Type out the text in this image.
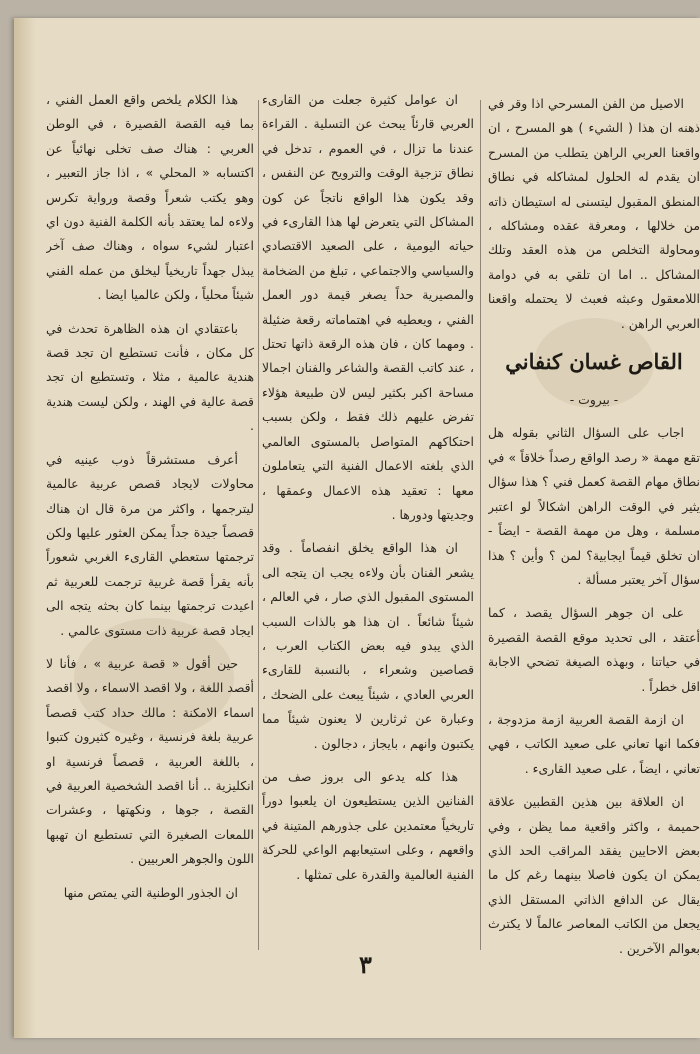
الاصيل من الفن المسرحي اذا وقر في ذهنه ان هذا ( الشيء ) هو المسرح ، ان واقعنا العربي الراهن يتطلب من المسرح ان يقدم له الحلول لمشاكله في نطاق المنطق المقبول ليتسنى له استيطان ذاته من خلالها ، ومعرفة عقده ومشاكله ، ومحاولة التخلص من هذه العقد وتلك المشاكل .. اما ان تلقي به في دوامة اللامعقول وعبثه فعبث لا يحتمله واقعنا العربي الراهن .

القاص غسان كنفاني

- بيروت -

اجاب على السؤال الثاني بقوله هل تقع مهمة « رصد الواقع رصداً خلاقاً » في نطاق مهام القصة كعمل فني ؟ هذا سؤال يثير في الوقت الراهن اشكالاً لو اعتبر مسلمة ، وهل من مهمة القصة - ايضاً - ان تخلق قيماً ايجابية؟ لمن ؟ وأين ؟ هذا سؤال آخر يعتبر مسألة .

على ان جوهر السؤال يقصد ، كما أعتقد ، الى تحديد موقع القصة القصيرة في حياتنا ، وبهذه الصيغة تضحي الاجابة اقل خطراً .

ان ازمة القصة العربية ازمة مزدوجة ، فكما انها تعاني على صعيد الكاتب ، فهي تعاني ، ايضاً ، على صعيد القارىء .

ان العلاقة بين هذين القطبين علاقة حميمة ، واكثر واقعية مما يظن ، وفي بعض الاحايين يفقد المراقب الحد الذي يمكن ان يكون فاصلا بينهما رغم كل ما يقال عن الدافع الذاتي المستقل الذي يجعل من الكاتب المعاصر عالماً لا يكترث بعوالم الآخرين .

ان عوامل كثيرة جعلت من القارىء العربي قارئاً يبحث عن التسلية . القراءة عندنا ما تزال ، في العموم ، تدخل في نطاق تزجية الوقت والترويح عن النفس ، وقد يكون هذا الواقع ناتجاً عن كون المشاكل التي يتعرض لها هذا القارىء في حياته اليومية ، على الصعيد الاقتصادي والسياسي والاجتماعي ، تبلغ من الضخامة والمصيرية حداً يصغر قيمة دور العمل الفني ، ويعطيه في اهتماماته رقعة ضئيلة . ومهما كان ، فان هذه الرقعة ذاتها تحتل ، عند كاتب القصة والشاعر والفنان اجمالا مساحة اكبر بكثير ليس لان طبيعة هؤلاء تفرض عليهم ذلك فقط ، ولكن بسبب احتكاكهم المتواصل بالمستوى العالمي الذي بلغته الاعمال الفنية التي يتعاملون معها : تعقيد هذه الاعمال وعمقها ، وجديتها ودورها .

ان هذا الواقع يخلق انفصاماً . وقد يشعر الفنان بأن ولاءه يجب ان يتجه الى المستوى المقبول الذي صار ، في العالم ، شيئاً شائعاً . ان هذا هو بالذات السبب الذي يبدو فيه بعض الكتاب العرب ، قصاصين وشعراء ، بالنسبة للقارىء العربي العادي ، شيئاً يبعث على الضحك ، وعبارة عن ثرثارين لا يعنون شيئاً مما يكتبون وانهم ، بايجاز ، دجالون .

هذا كله يدعو الى بروز صف من الفنانين الذين يستطيعون ان يلعبوا دوراً تاريخياً معتمدين على جذورهم المتينة في واقعهم ، وعلى استيعابهم الواعي للحركة الفنية العالمية والقدرة على تمثلها .

هذا الكلام يلخص واقع العمل الفني ، بما فيه القصة القصيرة ، في الوطن العربي : هناك صف تخلى نهائياً عن اكتسابه « المحلي » ، اذا جاز التعبير ، وهو يكتب شعراً وقصة ورواية تكرس ولاءه لما يعتقد بأنه الكلمة الفنية دون اي اعتبار لشيء سواه ، وهناك صف آخر يبذل جهداً تاريخياً ليخلق من عمله الفني شيئاً محلياً ، ولكن عالميا ايضا .

باعتقادي ان هذه الظاهرة تحدث في كل مكان ، فأنت تستطيع ان تجد قصة هندية عالمية ، مثلا ، وتستطيع ان تجد قصة عالية في الهند ، ولكن ليست هندية .

أعرف مستشرقاً ذوب عينيه في محاولات لايجاد قصص عربية عالمية ليترجمها ، واكثر من مرة قال ان هناك قصصاً جيدة جداً يمكن العثور عليها ولكن ترجمتها ستعطي القارىء الغربي شعوراً بأنه يقرأ قصة غربية ترجمت للعربية ثم اعيدت ترجمتها بينما كان بحثه يتجه الى ايجاد قصة عربية ذات مستوى عالمي .

حين أقول « قصة عربية » ، فأنا لا أقصد اللغة ، ولا اقصد الاسماء ، ولا اقصد اسماء الامكنة : مالك حداد كتب قصصاً عربية بلغة فرنسية ، وغيره كثيرون كتبوا ، باللغة العربية ، قصصاً فرنسية او انكليزية .. أنا اقصد الشخصية العربية في القصة ، جوها ، ونكهتها ، وعشرات اللمعات الصغيرة التي تستطيع ان تهبها اللون والجوهر العربيين .

ان الجذور الوطنية التي يمتص منها

٣
